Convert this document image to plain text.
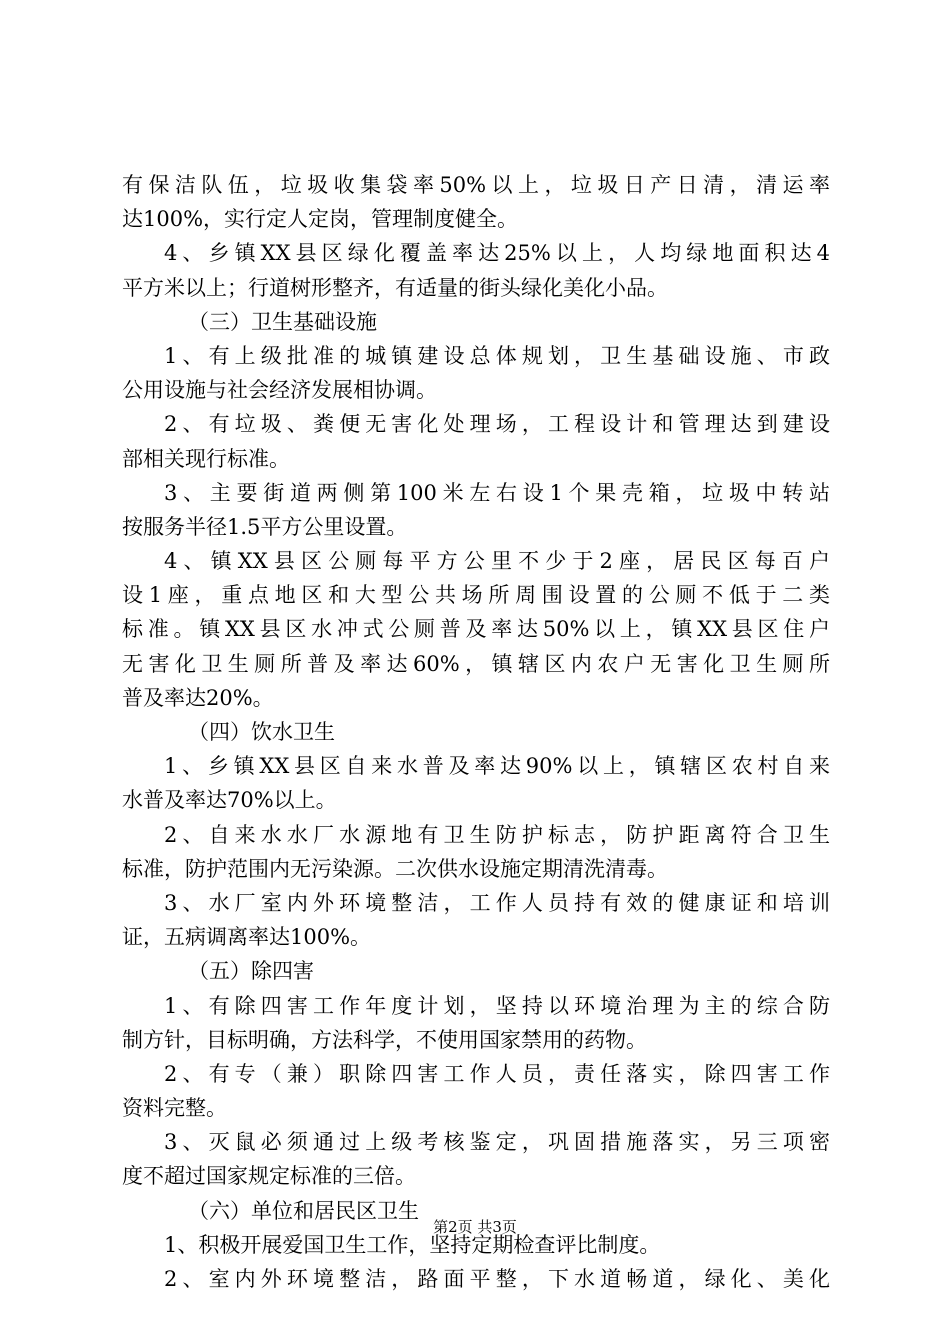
有保洁队伍，垃圾收集袋率50%以上，垃圾日产日清，清运率
达100%，实行定人定岗，管理制度健全。
4、乡镇XX县区绿化覆盖率达25%以上，人均绿地面积达4
平方米以上；行道树形整齐，有适量的街头绿化美化小品。
（三）卫生基础设施
1、有上级批准的城镇建设总体规划，卫生基础设施、市政
公用设施与社会经济发展相协调。
2、有垃圾、粪便无害化处理场，工程设计和管理达到建设
部相关现行标准。
3、主要街道两侧第100米左右设1个果壳箱，垃圾中转站
按服务半径1.5平方公里设置。
4、镇XX县区公厕每平方公里不少于2座，居民区每百户
设1座，重点地区和大型公共场所周围设置的公厕不低于二类
标准。镇XX县区水冲式公厕普及率达50%以上，镇XX县区住户
无害化卫生厕所普及率达60%，镇辖区内农户无害化卫生厕所
普及率达20%。
（四）饮水卫生
1、乡镇XX县区自来水普及率达90%以上，镇辖区农村自来
水普及率达70%以上。
2、自来水水厂水源地有卫生防护标志，防护距离符合卫生
标准，防护范围内无污染源。二次供水设施定期清洗清毒。
3、水厂室内外环境整洁，工作人员持有效的健康证和培训
证，五病调离率达100%。
（五）除四害
1、有除四害工作年度计划，坚持以环境治理为主的综合防
制方针，目标明确，方法科学，不使用国家禁用的药物。
2、有专（兼）职除四害工作人员，责任落实，除四害工作
资料完整。
3、灭鼠必须通过上级考核鉴定，巩固措施落实，另三项密
度不超过国家规定标准的三倍。
（六）单位和居民区卫生
1、积极开展爱国卫生工作，坚持定期检查评比制度。
2、室内外环境整洁，路面平整，下水道畅道，绿化、美化
第2页 共3页
